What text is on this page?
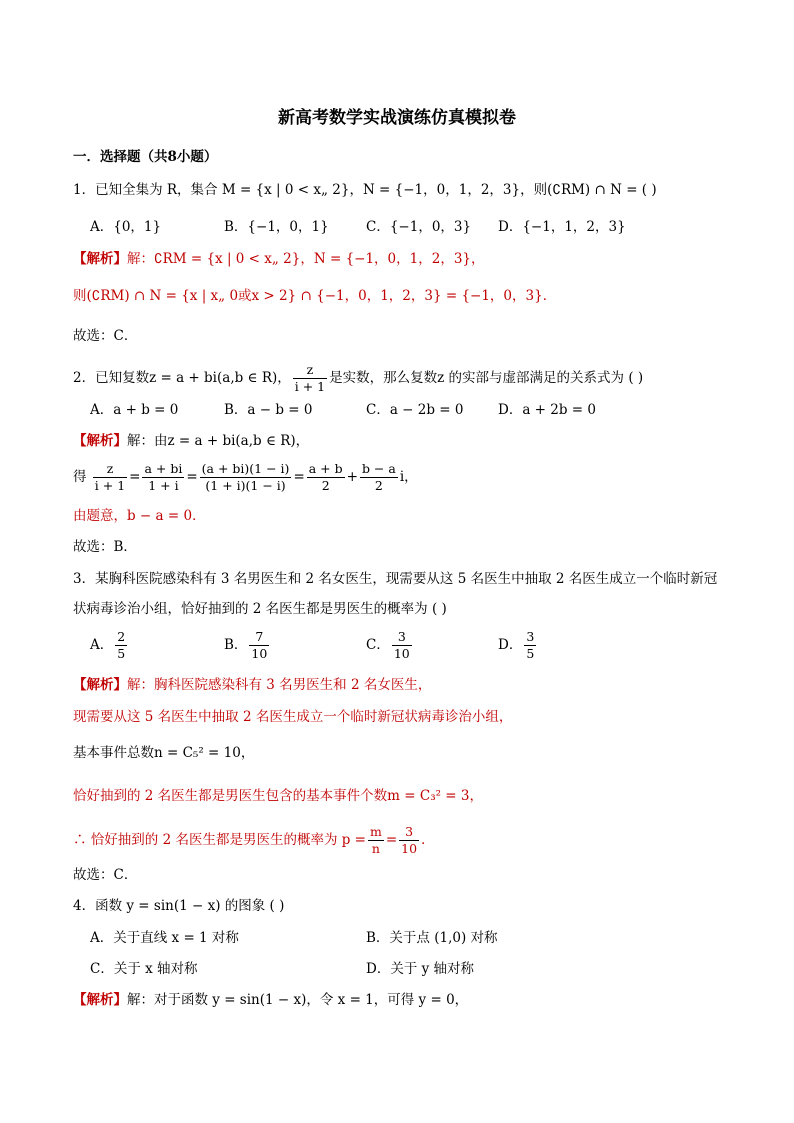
新高考数学实战演练仿真模拟卷
一．选择题（共8小题）
1．已知全集为 R，集合 M = {x | 0 < x„ 2}，N = {−1，0，1，2，3}，则(∁RM) ∩ N = ( )
A．{0，1}	B．{−1，0，1}	C．{−1，0，3} D．{−1，1，2，3}
【解析】解：∁RM = {x | 0 < x„ 2}，N = {−1，0，1，2，3}，
则(∁RM) ∩ N = {x | x„ 0或x > 2} ∩ {−1，0，1，2，3} = {−1，0，3}．
故选：C．
2．已知复数z = a + bi(a,b ∈ R)， $\frac{z}{i + 1}$ 是实数，那么复数z 的实部与虚部满足的关系式为 ( )
A．a + b = 0	B．a − b = 0	C．a − 2b = 0	D．a + 2b = 0
【解析】解：由z = a + bi(a,b ∈ R)，
得 $\frac{z}{i + 1} = \frac{a + bi}{1 + i} = \frac{(a + bi)(1 - i)}{(1 + i)(1 - i)} = \frac{a + b}{2} + \frac{b - a}{2}$ i，
由题意，b − a = 0．
故选：B．
3．某胸科医院感染科有 3 名男医生和 2 名女医生，现需要从这 5 名医生中抽取 2 名医生成立一个临时新冠
状病毒诊治小组，恰好抽到的 2 名医生都是男医生的概率为 ( )
A． $\frac{2}{5}$	B． $\frac{7}{10}$	C． $\frac{3}{10}$	D． $\frac{3}{5}$
【解析】解：胸科医院感染科有 3 名男医生和 2 名女医生，
现需要从这 5 名医生中抽取 2 名医生成立一个临时新冠状病毒诊治小组，
基本事件总数n = C₅² = 10，
恰好抽到的 2 名医生都是男医生包含的基本事件个数m = C₃² = 3，
∴ 恰好抽到的 2 名医生都是男医生的概率为 $p = \frac{m}{n} = \frac{3}{10}$ ．
故选：C．
4．函数 y = sin(1 − x) 的图象 ( )
A．关于直线 x = 1 对称	B．关于点 (1,0) 对称
C．关于 x 轴对称	D．关于 y 轴对称
【解析】解：对于函数 y = sin(1 − x)，令 x = 1，可得 y = 0，
